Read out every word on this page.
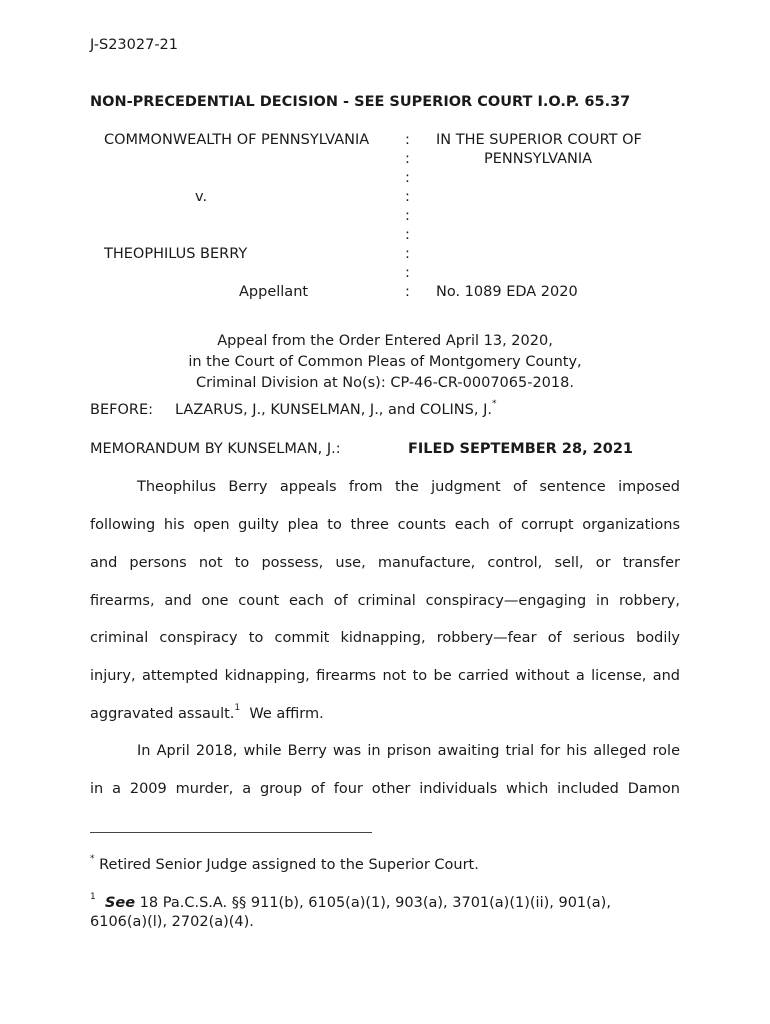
J-S23027-21
NON-PRECEDENTIAL DECISION - SEE SUPERIOR COURT I.O.P. 65.37
COMMONWEALTH OF PENNSYLVANIA
v.
THEOPHILUS BERRY
Appellant
:
:
:
:
:
:
:
:
:
IN THE SUPERIOR COURT OF
PENNSYLVANIA
No. 1089 EDA 2020
Appeal from the Order Entered April 13, 2020,
in the Court of Common Pleas of Montgomery County,
Criminal Division at No(s): CP-46-CR-0007065-2018.
BEFORE: LAZARUS, J., KUNSELMAN, J., and COLINS, J.*
MEMORANDUM BY KUNSELMAN, J.:	FILED SEPTEMBER 28, 2021
Theophilus Berry appeals from the judgment of sentence imposed
following his open guilty plea to three counts each of corrupt organizations
and persons not to possess, use, manufacture, control, sell, or transfer
firearms, and one count each of criminal conspiracy—engaging in robbery,
criminal conspiracy to commit kidnapping, robbery—fear of serious bodily
injury, attempted kidnapping, firearms not to be carried without a license, and
aggravated assault.$^1$  We affirm.
In April 2018, while Berry was in prison awaiting trial for his alleged role
in a 2009 murder, a group of four other individuals which included Damon
* Retired Senior Judge assigned to the Superior Court.
$^1$ See 18 Pa.C.S.A. §§ 911(b), 6105(a)(1), 903(a), 3701(a)(1)(ii), 901(a),
6106(a)(l), 2702(a)(4).
